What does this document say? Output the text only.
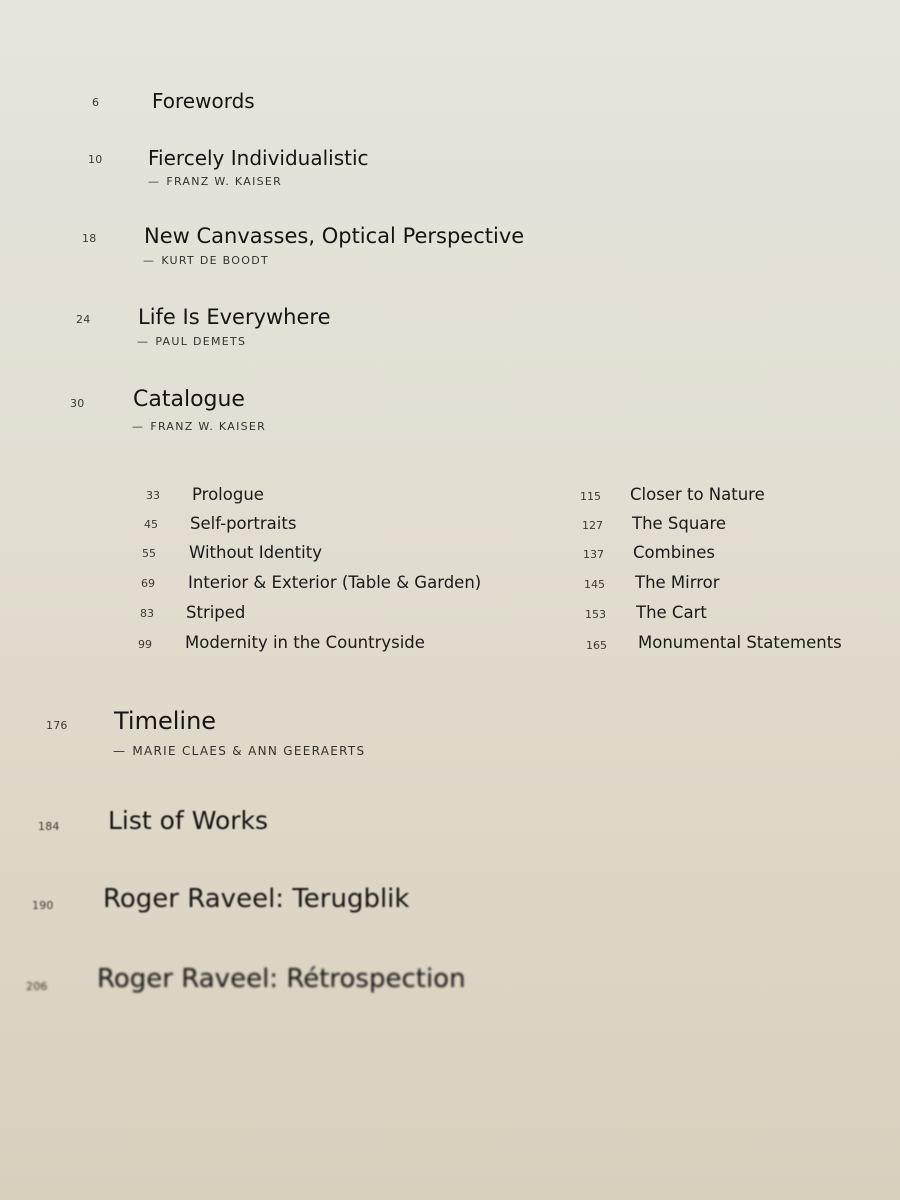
6	Forewords
10 Fiercely Individualistic
— FRANZ W. KAISER
18 New Canvasses, Optical Perspective
— KURT DE BOODT
24 Life Is Everywhere
— PAUL DEMETS
30 Catalogue
— FRANZ W. KAISER
33 Prologue
45 Self-portraits
55 Without Identity
69 Interior & Exterior (Table & Garden)
83 Striped
99 Modernity in the Countryside
115 Closer to Nature
127 The Square
137 Combines
145 The Mirror
153 The Cart
165 Monumental Statements
176 Timeline
— MARIE CLAES & ANN GEERAERTS
184 List of Works
190 Roger Raveel: Terugblik
206 Roger Raveel: Rétrospection
